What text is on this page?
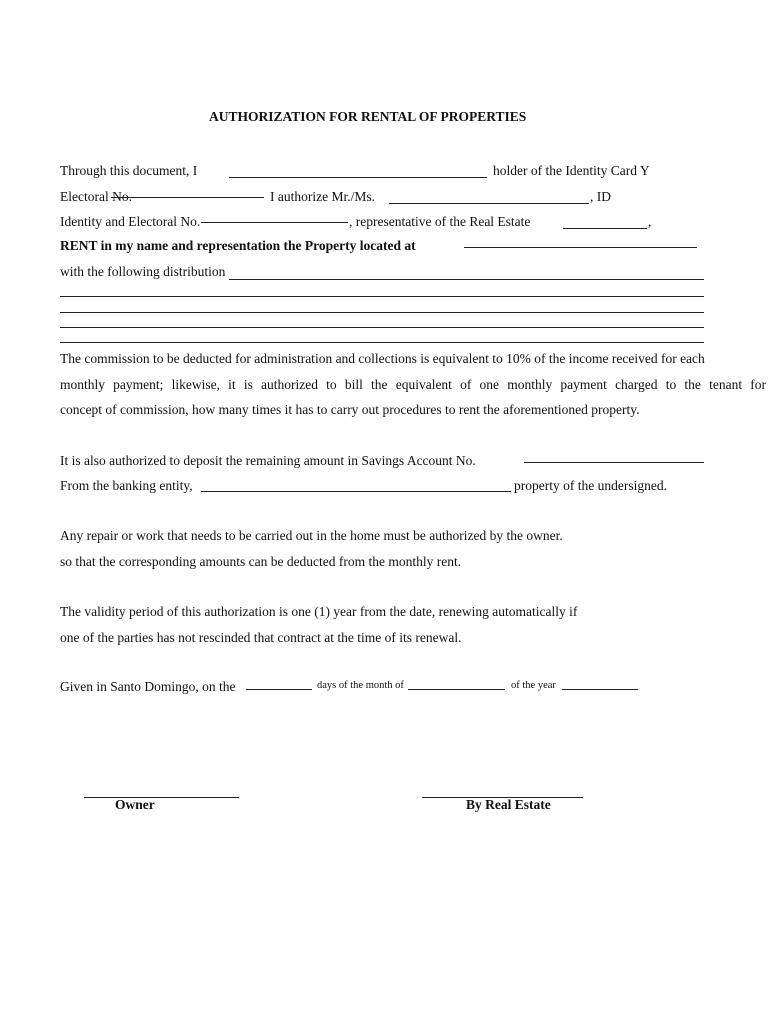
AUTHORIZATION FOR RENTAL OF PROPERTIES
Through this document, I	holder of the Identity Card Y
Electoral No.	I authorize Mr./Ms.	, ID
Identity and Electoral No.	, representative of the Real Estate	,
RENT in my name and representation the Property located at
with the following distribution
The commission to be deducted for administration and collections is equivalent to 10% of the income received for each
monthly payment; likewise, it is authorized to bill the equivalent of one monthly payment charged to the tenant for
concept of commission, how many times it has to carry out procedures to rent the aforementioned property.
It is also authorized to deposit the remaining amount in Savings Account No.
From the banking entity,	property of the undersigned.
Any repair or work that needs to be carried out in the home must be authorized by the owner.
so that the corresponding amounts can be deducted from the monthly rent.
The validity period of this authorization is one (1) year from the date, renewing automatically if
one of the parties has not rescinded that contract at the time of its renewal.
Given in Santo Domingo, on the	days of the month of	of the year
Owner	By Real Estate
